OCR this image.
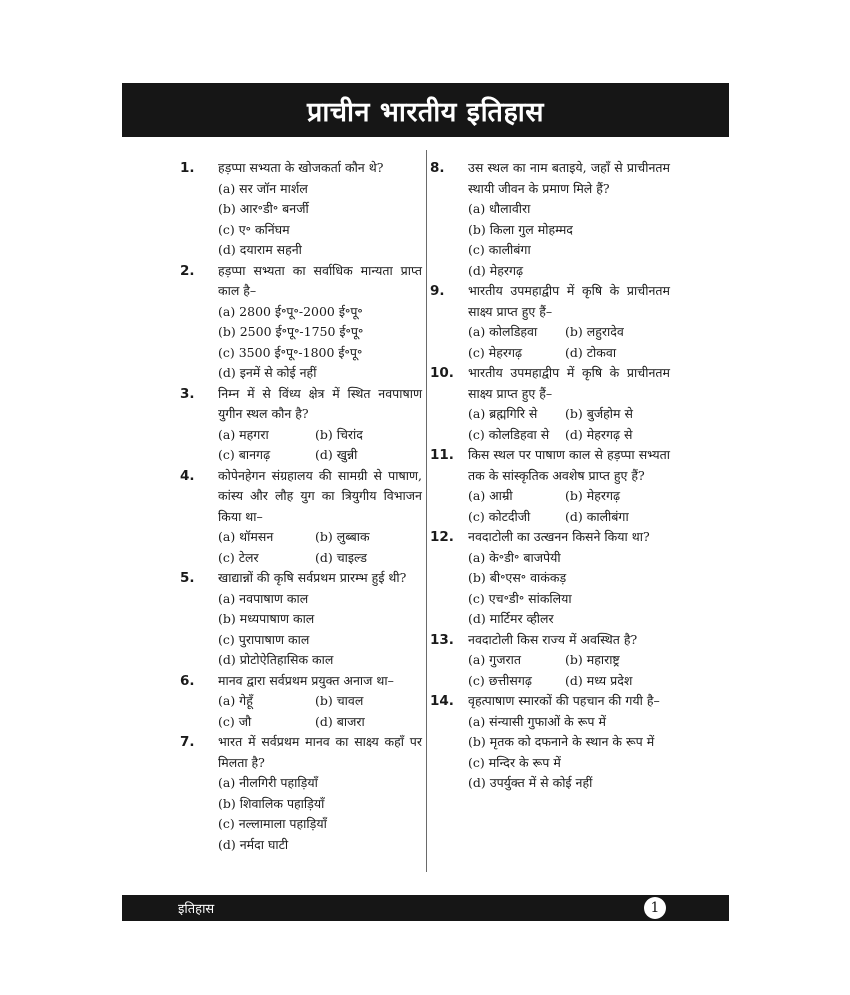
प्राचीन भारतीय इतिहास
1. हड़प्पा सभ्यता के खोजकर्ता कौन थे?
(a) सर जॉन मार्शल
(b) आर॰डी॰ बनर्जी
(c) ए॰ कनिंघम
(d) दयाराम सहनी
2. हड़प्पा सभ्यता का सर्वाधिक मान्यता प्राप्त काल है–
(a) 2800 ई॰पू॰-2000 ई॰पू॰
(b) 2500 ई॰पू॰-1750 ई॰पू॰
(c) 3500 ई॰पू॰-1800 ई॰पू॰
(d) इनमें से कोई नहीं
3. निम्न में से विंध्य क्षेत्र में स्थित नवपाषाण युगीन स्थल कौन है?
(a) महगरा	(b) चिरांद
(c) बानगढ़	(d) खुन्नी
4. कोपेनहेगन संग्रहालय की सामग्री से पाषाण, कांस्य और लौह युग का त्रियुगीय विभाजन किया था–
(a) थॉमसन	(b) लुब्बाक
(c) टेलर	(d) चाइल्ड
5. खाद्यान्नों की कृषि सर्वप्रथम प्रारम्भ हुई थी?
(a) नवपाषाण काल
(b) मध्यपाषाण काल
(c) पुरापाषाण काल
(d) प्रोटोऐतिहासिक काल
6. मानव द्वारा सर्वप्रथम प्रयुक्त अनाज था–
(a) गेहूँ	(b) चावल
(c) जौ	(d) बाजरा
7. भारत में सर्वप्रथम मानव का साक्ष्य कहाँ पर मिलता है?
(a) नीलगिरी पहाड़ियाँ
(b) शिवालिक पहाड़ियाँ
(c) नल्लामाला पहाड़ियाँ
(d) नर्मदा घाटी
8. उस स्थल का नाम बताइये, जहाँ से प्राचीनतम स्थायी जीवन के प्रमाण मिले हैं?
(a) धौलावीरा
(b) किला गुल मोहम्मद
(c) कालीबंगा
(d) मेहरगढ़
9. भारतीय उपमहाद्वीप में कृषि के प्राचीनतम साक्ष्य प्राप्त हुए हैं–
(a) कोलडिहवा	(b) लहुरादेव
(c) मेहरगढ़	(d) टोकवा
10. भारतीय उपमहाद्वीप में कृषि के प्राचीनतम साक्ष्य प्राप्त हुए हैं–
(a) ब्रह्मगिरि से	(b) बुर्जहोम से
(c) कोलडिहवा से	(d) मेहरगढ़ से
11. किस स्थल पर पाषाण काल से हड़प्पा सभ्यता तक के सांस्कृतिक अवशेष प्राप्त हुए हैं?
(a) आम्री	(b) मेहरगढ़
(c) कोटदीजी	(d) कालीबंगा
12. नवदाटोली का उत्खनन किसने किया था?
(a) के॰डी॰ बाजपेयी
(b) बी॰एस॰ वाकंकड़
(c) एच॰डी॰ सांकलिया
(d) मार्टिमर व्हीलर
13. नवदाटोली किस राज्य में अवस्थित है?
(a) गुजरात	(b) महाराष्ट्र
(c) छत्तीसगढ़	(d) मध्य प्रदेश
14. वृहत्पाषाण स्मारकों की पहचान की गयी है–
(a) संन्यासी गुफाओं के रूप में
(b) मृतक को दफनाने के स्थान के रूप में
(c) मन्दिर के रूप में
(d) उपर्युक्त में से कोई नहीं
इतिहास	1
